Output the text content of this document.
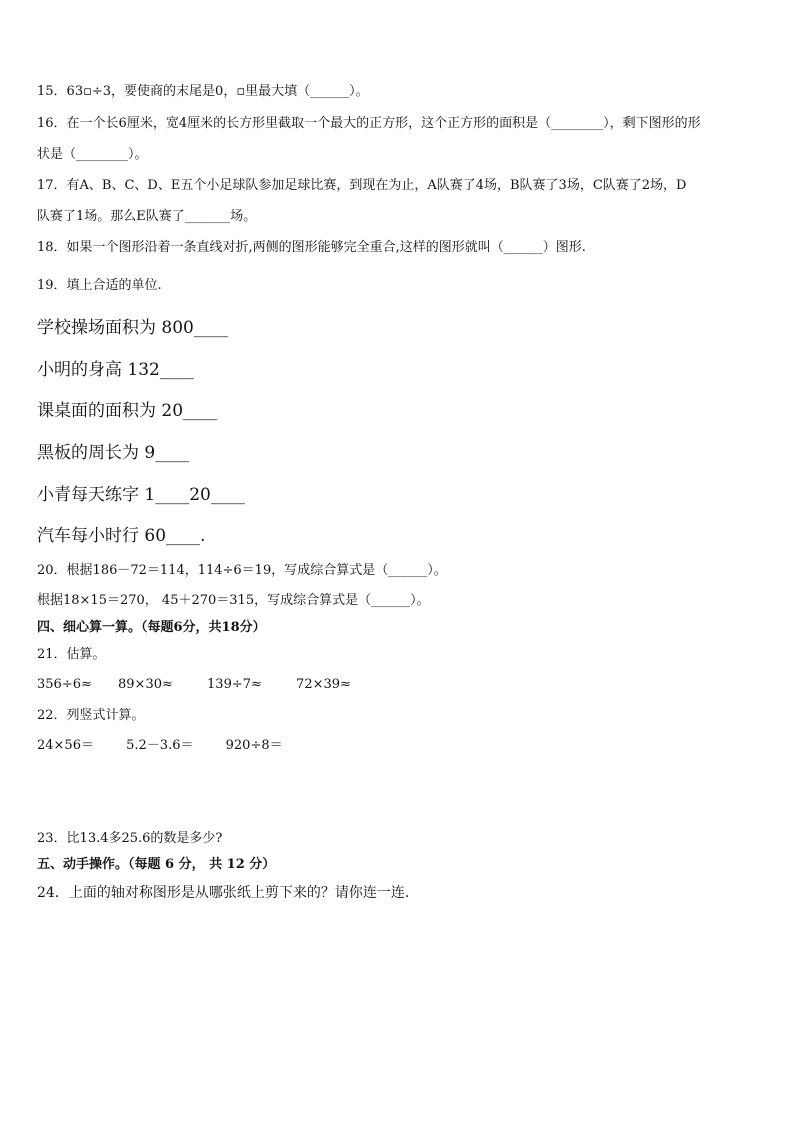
15．63▫÷3，要使商的末尾是0，▫里最大填（______）。
16．在一个长6厘米，宽4厘米的长方形里截取一个最大的正方形，这个正方形的面积是（________），剩下图形的形
状是（________）。
17．有A、B、C、D、E五个小足球队参加足球比赛，到现在为止，A队赛了4场，B队赛了3场，C队赛了2场，D
队赛了1场。那么E队赛了_______场。
18．如果一个图形沿着一条直线对折,两侧的图形能够完全重合,这样的图形就叫（______）图形.
19．填上合适的单位.
学校操场面积为 800____
小明的身高 132____
课桌面的面积为 20____
黑板的周长为 9____
小青每天练字 1____20____
汽车每小时行 60____.
20．根据186－72＝114，114÷6＝19，写成综合算式是（______）。
根据18×15＝270， 45＋270＝315，写成综合算式是（______）。
四、细心算一算。（每题6分，共18分）
21．估算。
356÷6≈ 89×30≈	139÷7≈	72×39≈
22．列竖式计算。
24×56＝ 5.2－3.6＝ 920÷8＝
23．比13.4多25.6的数是多少?
五、动手操作。（每题 6 分， 共 12 分）
24．上面的轴对称图形是从哪张纸上剪下来的？请你连一连.
